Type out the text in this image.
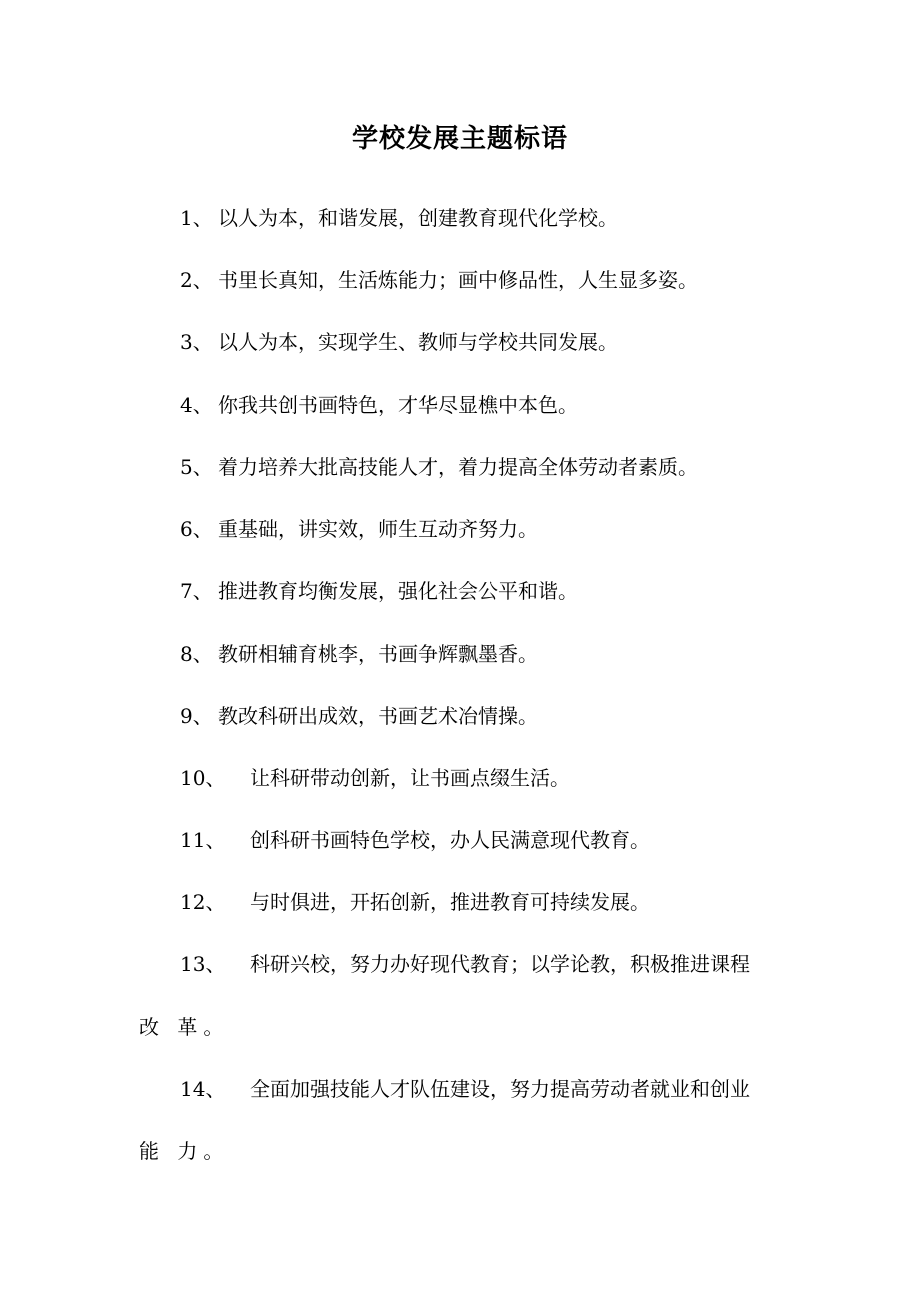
学校发展主题标语
1、 以人为本，和谐发展，创建教育现代化学校。
2、 书里长真知，生活炼能力；画中修品性，人生显多姿。
3、 以人为本，实现学生、教师与学校共同发展。
4、 你我共创书画特色，才华尽显樵中本色。
5、 着力培养大批高技能人才，着力提高全体劳动者素质。
6、 重基础，讲实效，师生互动齐努力。
7、 推进教育均衡发展，强化社会公平和谐。
8、 教研相辅育桃李，书画争辉飘墨香。
9、 教改科研出成效，书画艺术冶情操。
10、 让科研带动创新，让书画点缀生活。
11、 创科研书画特色学校，办人民满意现代教育。
12、 与时俱进，开拓创新，推进教育可持续发展。
13、 科研兴校，努力办好现代教育；以学论教，积极推进课程
改 革。
14、 全面加强技能人才队伍建设，努力提高劳动者就业和创业
能 力。
